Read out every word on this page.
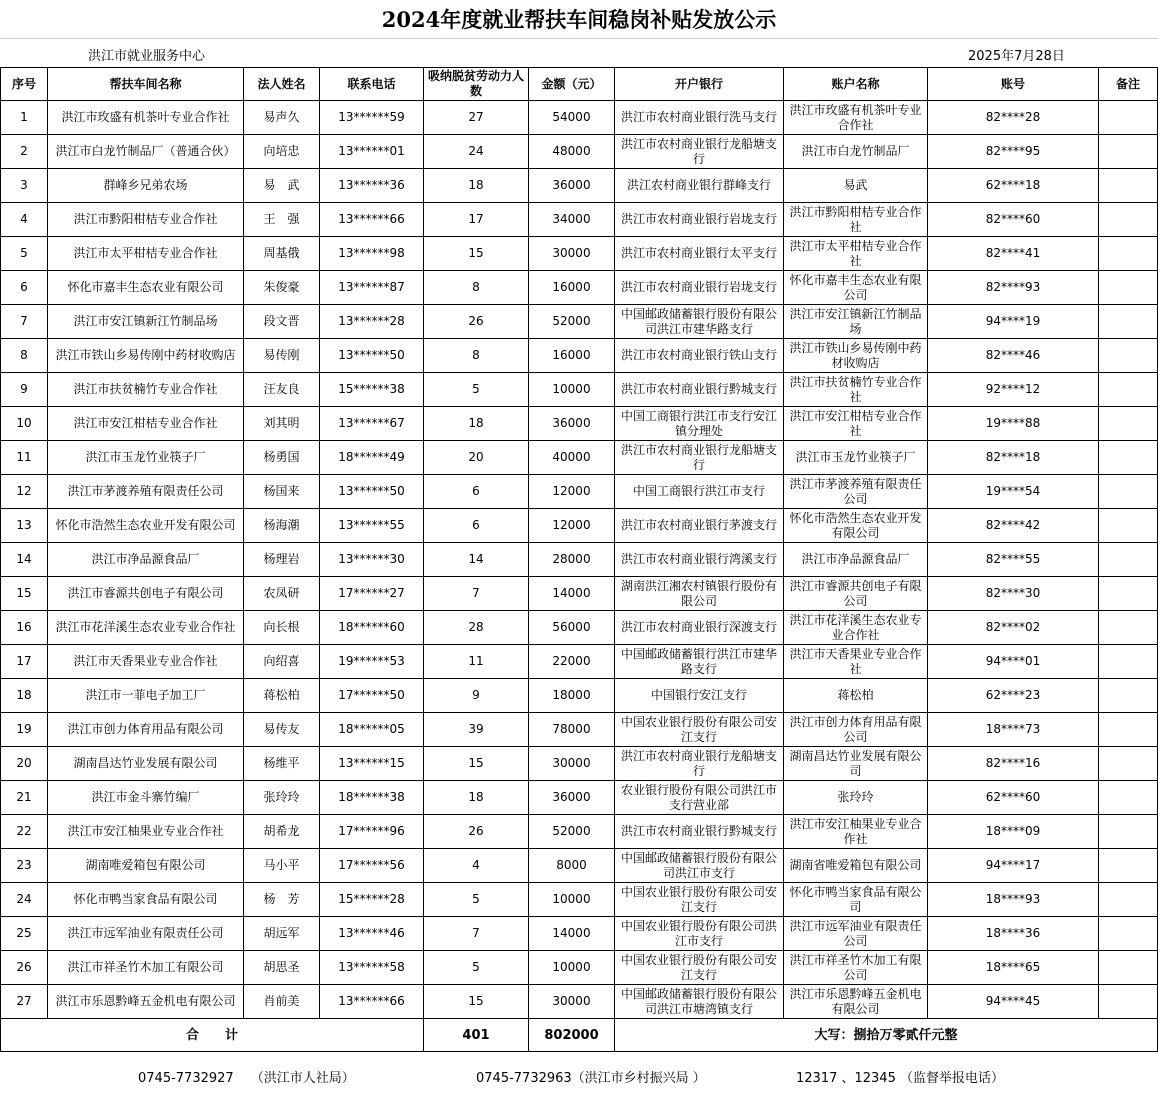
2024年度就业帮扶车间稳岗补贴发放公示
洪江市就业服务中心	2025年7月28日
序号	帮扶车间名称	法人姓名	联系电话	吸纳脱贫劳动力人数	金额（元）	开户银行	账户名称	账号	备注
1	洪江市玫盛有机茶叶专业合作社	易声久	13******59	27	54000	洪江市农村商业银行洗马支行	洪江市玫盛有机茶叶专业合作社	82****28	
2	洪江市白龙竹制品厂（普通合伙）	向培忠	13******01	24	48000	洪江市农村商业银行龙船塘支行	洪江市白龙竹制品厂	82****95	
3	群峰乡兄弟农场	易　武	13******36	18	36000	洪江农村商业银行群峰支行	易武	62****18	
4	洪江市黔阳柑桔专业合作社	王　强	13******66	17	34000	洪江市农村商业银行岩垅支行	洪江市黔阳柑桔专业合作社	82****60	
5	洪江市太平柑桔专业合作社	周基俄	13******98	15	30000	洪江市农村商业银行太平支行	洪江市太平柑桔专业合作社	82****41	
6	怀化市嘉丰生态农业有限公司	朱俊豪	13******87	8	16000	洪江市农村商业银行岩垅支行	怀化市嘉丰生态农业有限公司	82****93	
7	洪江市安江镇新江竹制品场	段文晋	13******28	26	52000	中国邮政储蓄银行股份有限公司洪江市建华路支行	洪江市安江镇新江竹制品场	94****19	
8	洪江市铁山乡易传刚中药材收购店	易传刚	13******50	8	16000	洪江市农村商业银行铁山支行	洪江市铁山乡易传刚中药材收购店	82****46	
9	洪江市扶贫楠竹专业合作社	汪友良	15******38	5	10000	洪江市农村商业银行黔城支行	洪江市扶贫楠竹专业合作社	92****12	
10	洪江市安江柑桔专业合作社	刘其明	13******67	18	36000	中国工商银行洪江市支行安江镇分理处	洪江市安江柑桔专业合作社	19****88	
11	洪江市玉龙竹业筷子厂	杨勇国	18******49	20	40000	洪江市农村商业银行龙船塘支行	洪江市玉龙竹业筷子厂	82****18	
12	洪江市茅渡养殖有限责任公司	杨国来	13******50	6	12000	中国工商银行洪江市支行	洪江市茅渡养殖有限责任公司	19****54	
13	怀化市浩然生态农业开发有限公司	杨海潮	13******55	6	12000	洪江市农村商业银行茅渡支行	怀化市浩然生态农业开发有限公司	82****42	
14	洪江市净品源食品厂	杨理岩	13******30	14	28000	洪江市农村商业银行湾溪支行	洪江市净品源食品厂	82****55	
15	洪江市睿源共创电子有限公司	农凤研	17******27	7	14000	湖南洪江湘农村镇银行股份有限公司	洪江市睿源共创电子有限公司	82****30	
16	洪江市花洋溪生态农业专业合作社	向长根	18******60	28	56000	洪江市农村商业银行深渡支行	洪江市花洋溪生态农业专业合作社	82****02	
17	洪江市天香果业专业合作社	向绍喜	19******53	11	22000	中国邮政储蓄银行洪江市建华路支行	洪江市天香果业专业合作社	94****01	
18	洪江市一菲电子加工厂	蒋松柏	17******50	9	18000	中国银行安江支行	蒋松柏	62****23	
19	洪江市创力体育用品有限公司	易传友	18******05	39	78000	中国农业银行股份有限公司安江支行	洪江市创力体育用品有限公司	18****73	
20	湖南昌达竹业发展有限公司	杨维平	13******15	15	30000	洪江市农村商业银行龙船塘支行	湖南昌达竹业发展有限公司	82****16	
21	洪江市金斗寨竹编厂	张玲玲	18******38	18	36000	农业银行股份有限公司洪江市支行营业部	张玲玲	62****60	
22	洪江市安江柚果业专业合作社	胡希龙	17******96	26	52000	洪江市农村商业银行黔城支行	洪江市安江柚果业专业合作社	18****09	
23	湖南唯爱箱包有限公司	马小平	17******56	4	8000	中国邮政储蓄银行股份有限公司洪江市支行	湖南省唯爱箱包有限公司	94****17	
24	怀化市鸭当家食品有限公司	杨　芳	15******28	5	10000	中国农业银行股份有限公司安江支行	怀化市鸭当家食品有限公司	18****93	
25	洪江市远军油业有限责任公司	胡远军	13******46	7	14000	中国农业银行股份有限公司洪江市支行	洪江市远军油业有限责任公司	18****36	
26	洪江市祥圣竹木加工有限公司	胡思圣	13******58	5	10000	中国农业银行股份有限公司安江支行	洪江市祥圣竹木加工有限公司	18****65	
27	洪江市乐恩黔峰五金机电有限公司	肖前美	13******66	15	30000	中国邮政储蓄银行股份有限公司洪江市塘湾镇支行	洪江市乐恩黔峰五金机电有限公司	94****45	
合　　计				401	802000	大写：捌拾万零贰仟元整			
0745-7732927　 （洪江市人社局）	0745-7732963（洪江市乡村振兴局 ）	12317 、12345 （监督举报电话）
